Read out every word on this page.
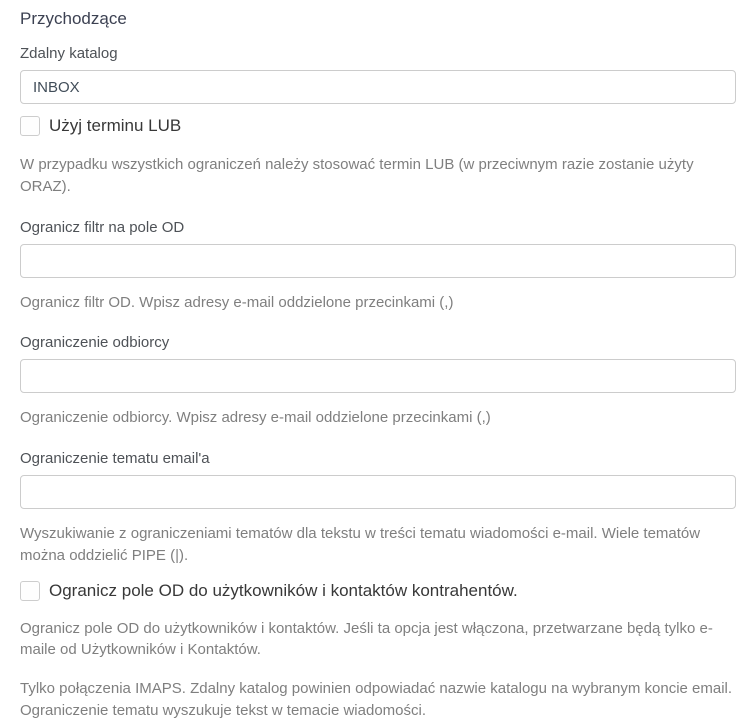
Przychodzące
Zdalny katalog
INBOX
Użyj terminu LUB

W przypadku wszystkich ograniczeń należy stosować termin LUB (w przeciwnym razie zostanie użyty ORAZ).

Ogranicz filtr na pole OD

Ogranicz filtr OD. Wpisz adresy e-mail oddzielone przecinkami (,)

Ograniczenie odbiorcy

Ograniczenie odbiorcy. Wpisz adresy e-mail oddzielone przecinkami (,)

Ograniczenie tematu email'a

Wyszukiwanie z ograniczeniami tematów dla tekstu w treści tematu wiadomości e-mail. Wiele tematów można oddzielić PIPE (|).

Ogranicz pole OD do użytkowników i kontaktów kontrahentów.

Ogranicz pole OD do użytkowników i kontaktów. Jeśli ta opcja jest włączona, przetwarzane będą tylko e-maile od Użytkowników i Kontaktów.

Tylko połączenia IMAPS. Zdalny katalog powinien odpowiadać nazwie katalogu na wybranym koncie email. Ograniczenie tematu wyszukuje tekst w temacie wiadomości.
